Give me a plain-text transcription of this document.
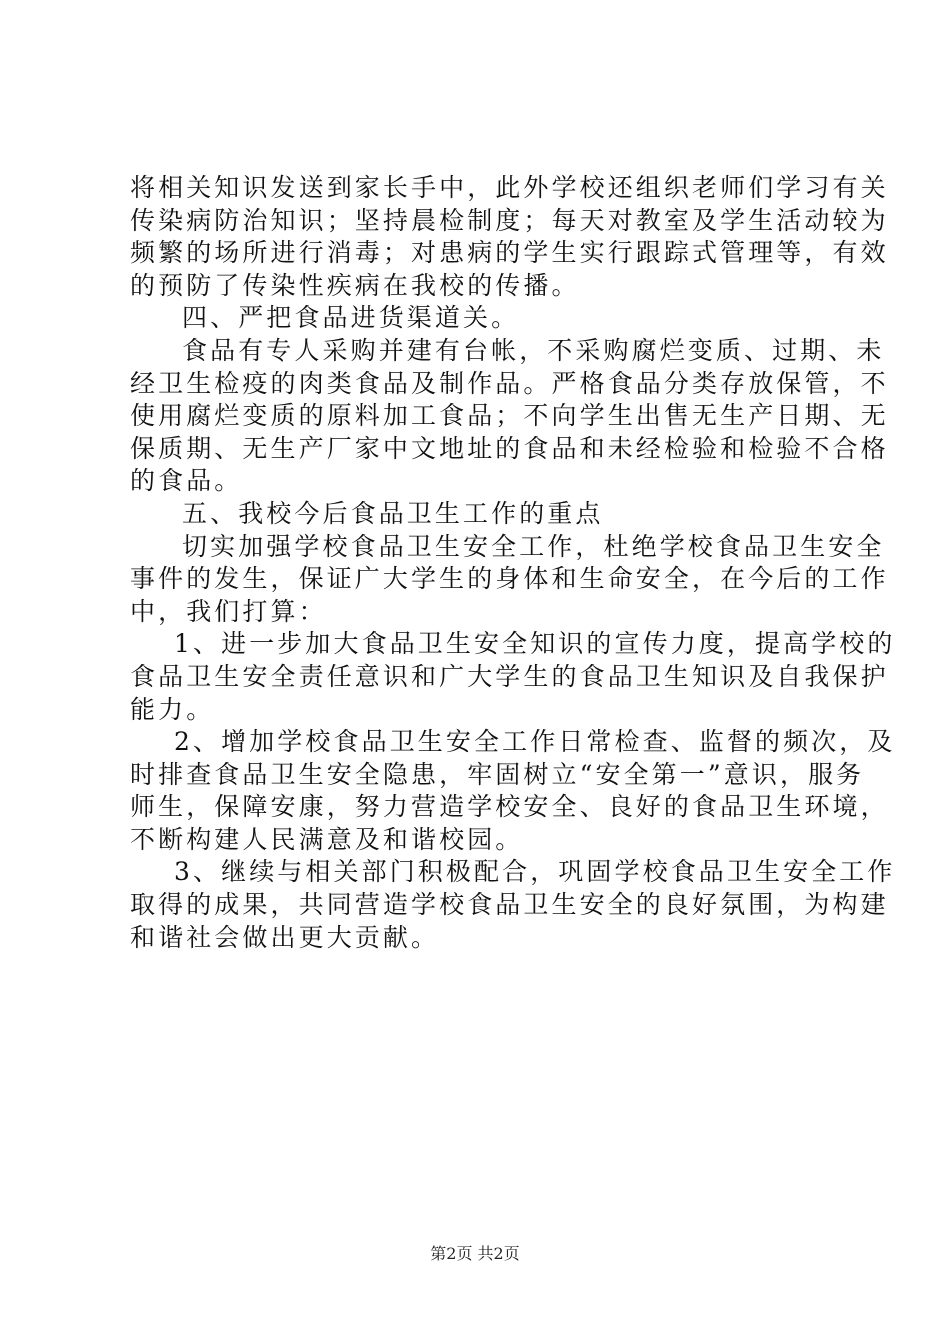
将相关知识发送到家长手中，此外学校还组织老师们学习有关
传染病防治知识；坚持晨检制度；每天对教室及学生活动较为
频繁的场所进行消毒；对患病的学生实行跟踪式管理等，有效
的预防了传染性疾病在我校的传播。
四、严把食品进货渠道关。
食品有专人采购并建有台帐，不采购腐烂变质、过期、未
经卫生检疫的肉类食品及制作品。严格食品分类存放保管，不
使用腐烂变质的原料加工食品；不向学生出售无生产日期、无
保质期、无生产厂家中文地址的食品和未经检验和检验不合格
的食品。
五、我校今后食品卫生工作的重点
切实加强学校食品卫生安全工作，杜绝学校食品卫生安全
事件的发生，保证广大学生的身体和生命安全，在今后的工作
中，我们打算：
1、进一步加大食品卫生安全知识的宣传力度，提高学校的
食品卫生安全责任意识和广大学生的食品卫生知识及自我保护
能力。
2、增加学校食品卫生安全工作日常检查、监督的频次，及
时排查食品卫生安全隐患，牢固树立“安全第一”意识，服务
师生，保障安康，努力营造学校安全、良好的食品卫生环境，
不断构建人民满意及和谐校园。
3、继续与相关部门积极配合，巩固学校食品卫生安全工作
取得的成果，共同营造学校食品卫生安全的良好氛围，为构建
和谐社会做出更大贡献。
第2页 共2页
